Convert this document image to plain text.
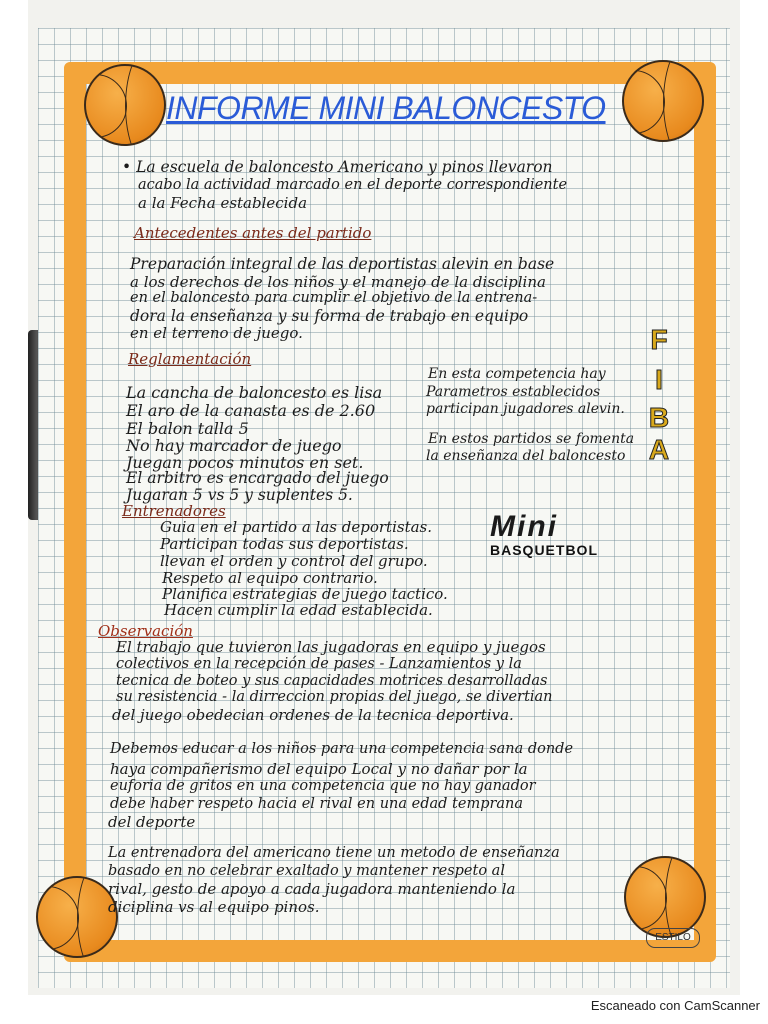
INFORME MINI BALONCESTO
• La escuela de baloncesto Americano y pinos llevaron
acabo la actividad marcado en el deporte correspondiente
a la Fecha establecida
Antecedentes antes del partido
Preparación integral de las deportistas alevin en base
a los derechos de los niños y el manejo de la disciplina
en el baloncesto para cumplir el objetivo de la entrena-
dora la enseñanza y su forma de trabajo en equipo
en el terreno de juego.	F
I
B
A
Reglamentación
La cancha de baloncesto es lisa
El aro de la canasta es de 2.60
El balon talla 5
No hay marcador de juego
Juegan pocos minutos en set.
El arbitro es encargado del juego
Jugaran 5 vs 5 y suplentes 5.
En esta competencia hay
Parametros establecidos
participan jugadores alevin.
En estos partidos se fomenta
la enseñanza del baloncesto
Entrenadores
Guia en el partido a las deportistas.
Participan todas sus deportistas.
llevan el orden y control del grupo.
Respeto al equipo contrario.
Planifica estrategias de juego tactico.
Hacen cumplir la edad establecida.
Mini
BASQUETBOL
Observación
El trabajo que tuvieron las jugadoras en equipo y juegos
colectivos en la recepción de pases - Lanzamientos y la
tecnica de boteo y sus capacidades motrices desarrolladas
su resistencia - la dirreccion propias del juego, se divertian
del juego obedecian ordenes de la tecnica deportiva.
Debemos educar a los niños para una competencia sana donde
haya compañerismo del equipo Local y no dañar por la
euforia de gritos en una competencia que no hay ganador
debe haber respeto hacia el rival en una edad temprana
del deporte
La entrenadora del americano tiene un metodo de enseñanza
basado en no celebrar exaltado y mantener respeto al
rival, gesto de apoyo a cada jugadora manteniendo la
diciplina vs al equipo pinos.
ESTILO
Escaneado con CamScanner
